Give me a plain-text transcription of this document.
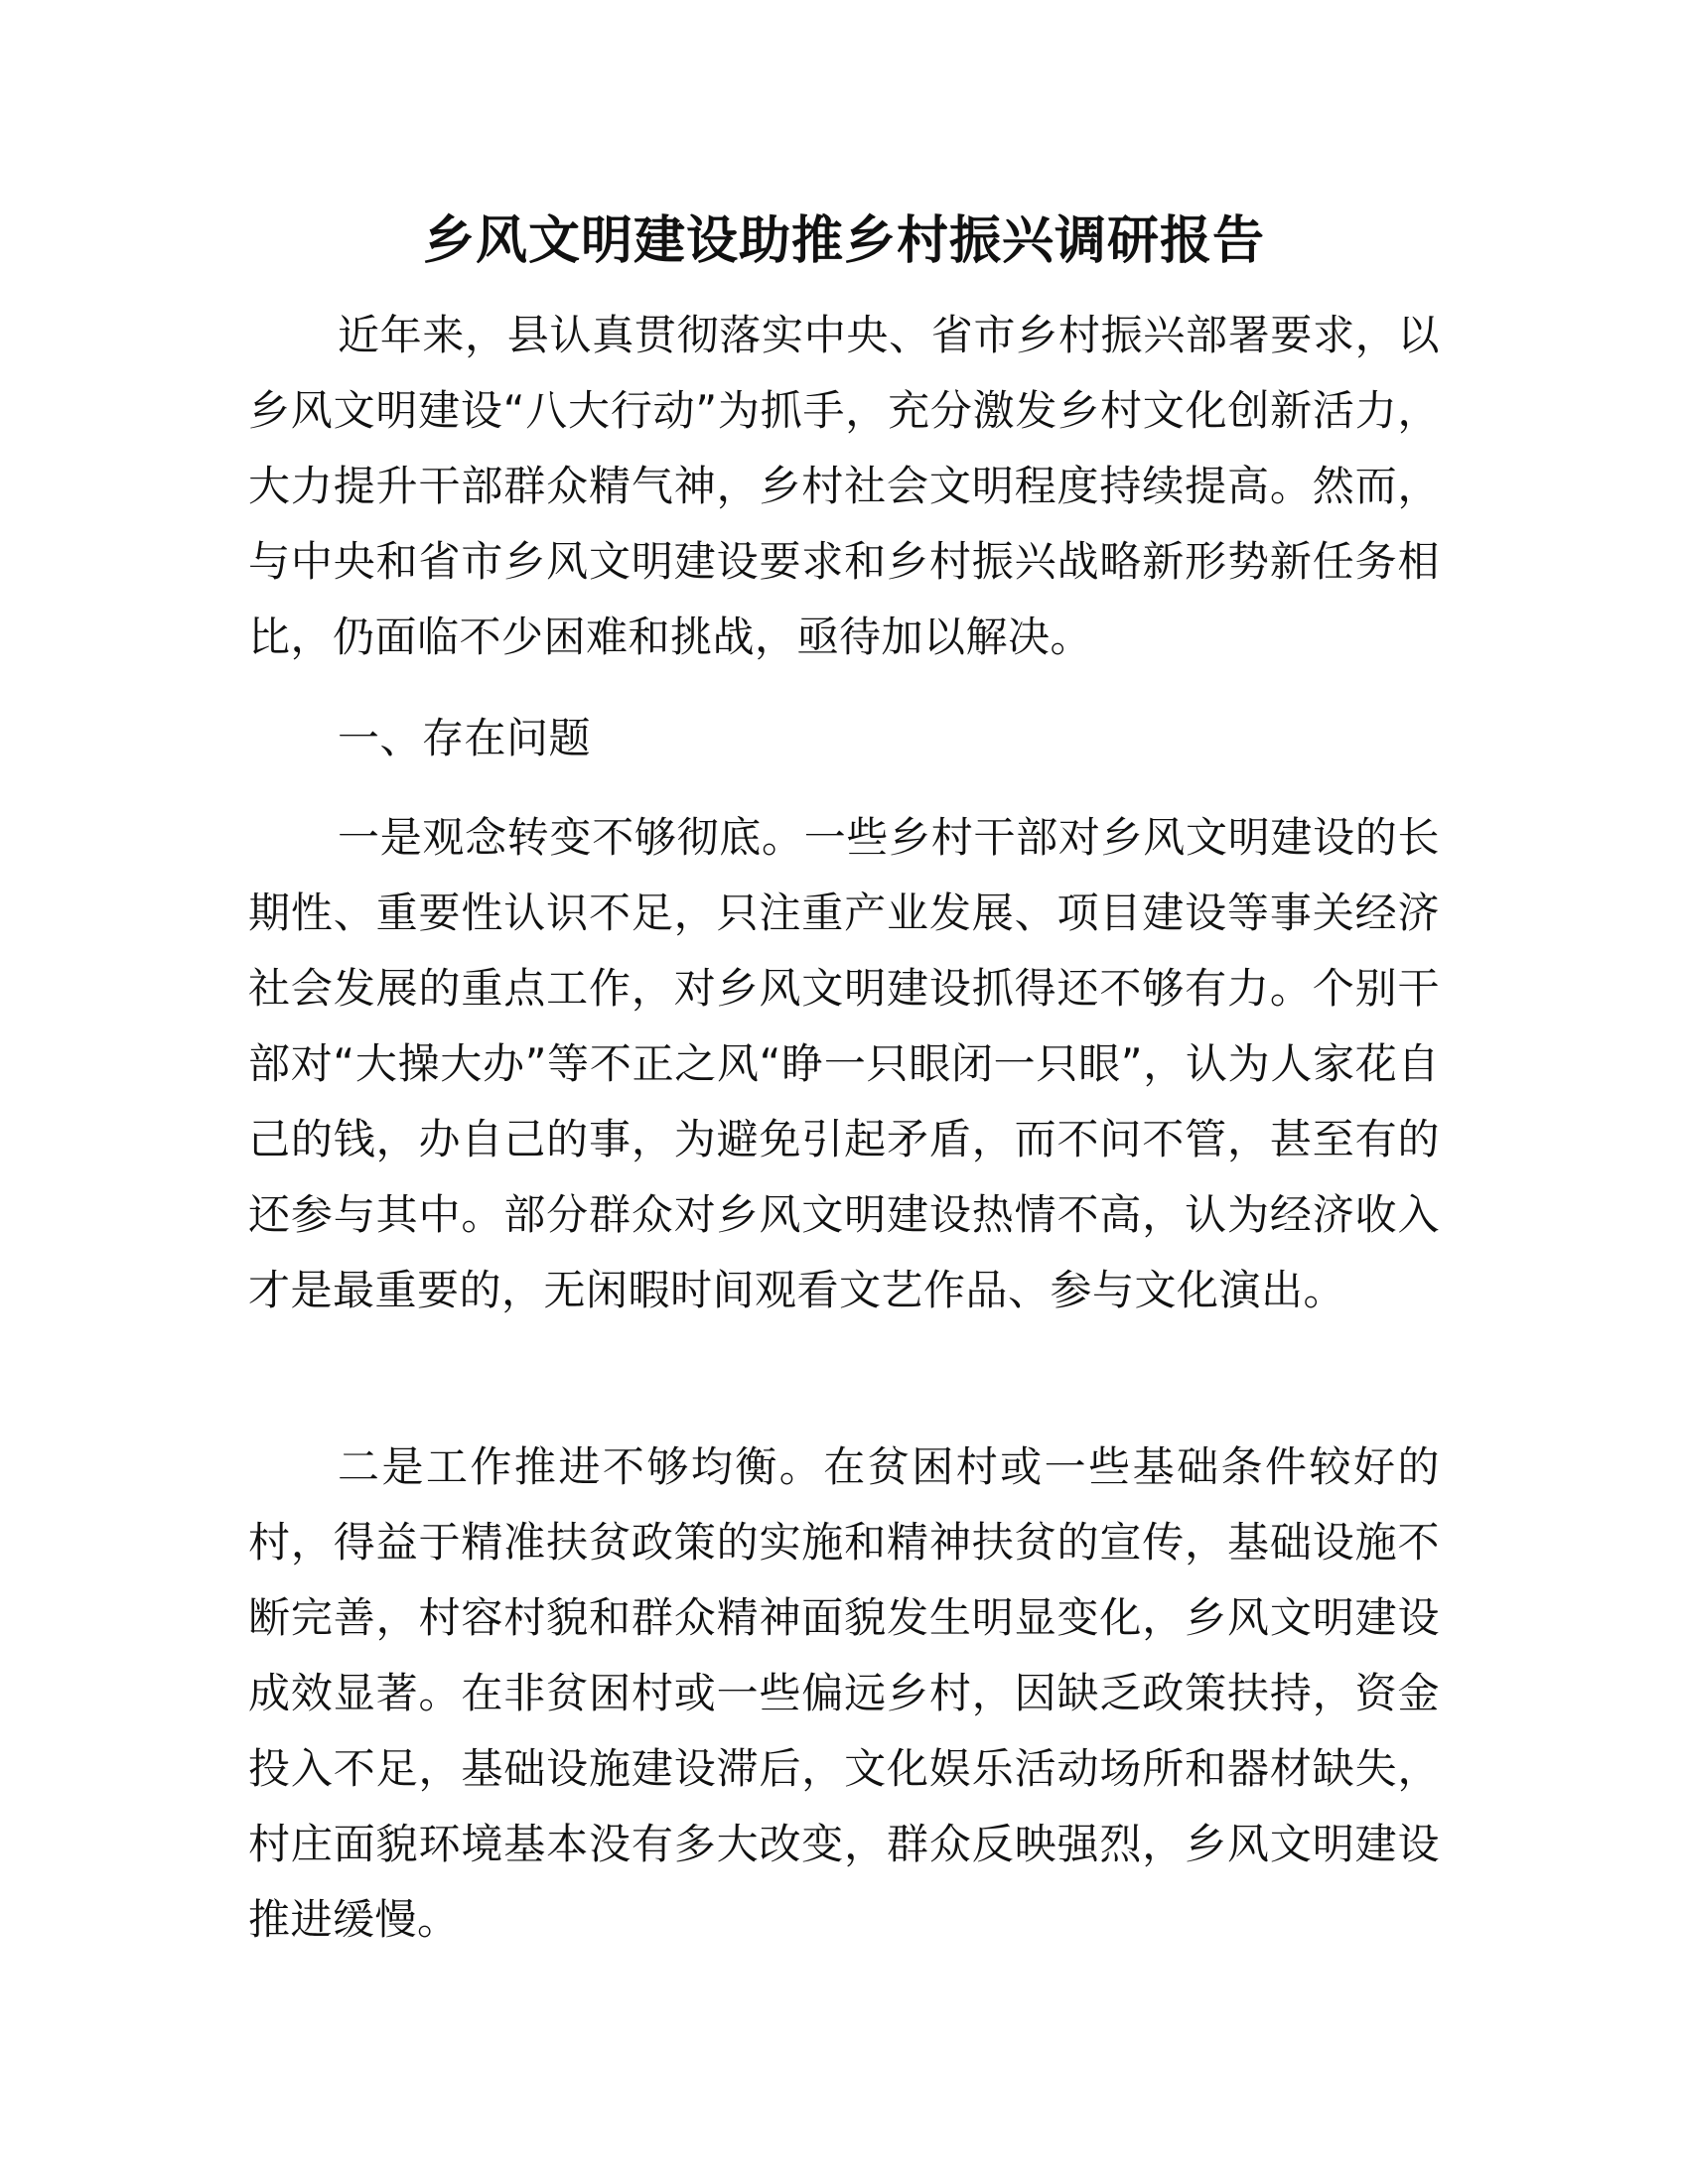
乡风文明建设助推乡村振兴调研报告

近年来，县认真贯彻落实中央、省市乡村振兴部署要求，以乡风文明建设“八大行动”为抓手，充分激发乡村文化创新活力，大力提升干部群众精气神，乡村社会文明程度持续提高。然而，与中央和省市乡风文明建设要求和乡村振兴战略新形势新任务相比，仍面临不少困难和挑战，亟待加以解决。

一、存在问题

一是观念转变不够彻底。一些乡村干部对乡风文明建设的长期性、重要性认识不足，只注重产业发展、项目建设等事关经济社会发展的重点工作，对乡风文明建设抓得还不够有力。个别干部对“大操大办”等不正之风“睁一只眼闭一只眼”，认为人家花自己的钱，办自己的事，为避免引起矛盾，而不问不管，甚至有的还参与其中。部分群众对乡风文明建设热情不高，认为经济收入才是最重要的，无闲暇时间观看文艺作品、参与文化演出。

二是工作推进不够均衡。在贫困村或一些基础条件较好的村，得益于精准扶贫政策的实施和精神扶贫的宣传，基础设施不断完善，村容村貌和群众精神面貌发生明显变化，乡风文明建设成效显著。在非贫困村或一些偏远乡村，因缺乏政策扶持，资金投入不足，基础设施建设滞后，文化娱乐活动场所和器材缺失，村庄面貌环境基本没有多大改变，群众反映强烈，乡风文明建设推进缓慢。
